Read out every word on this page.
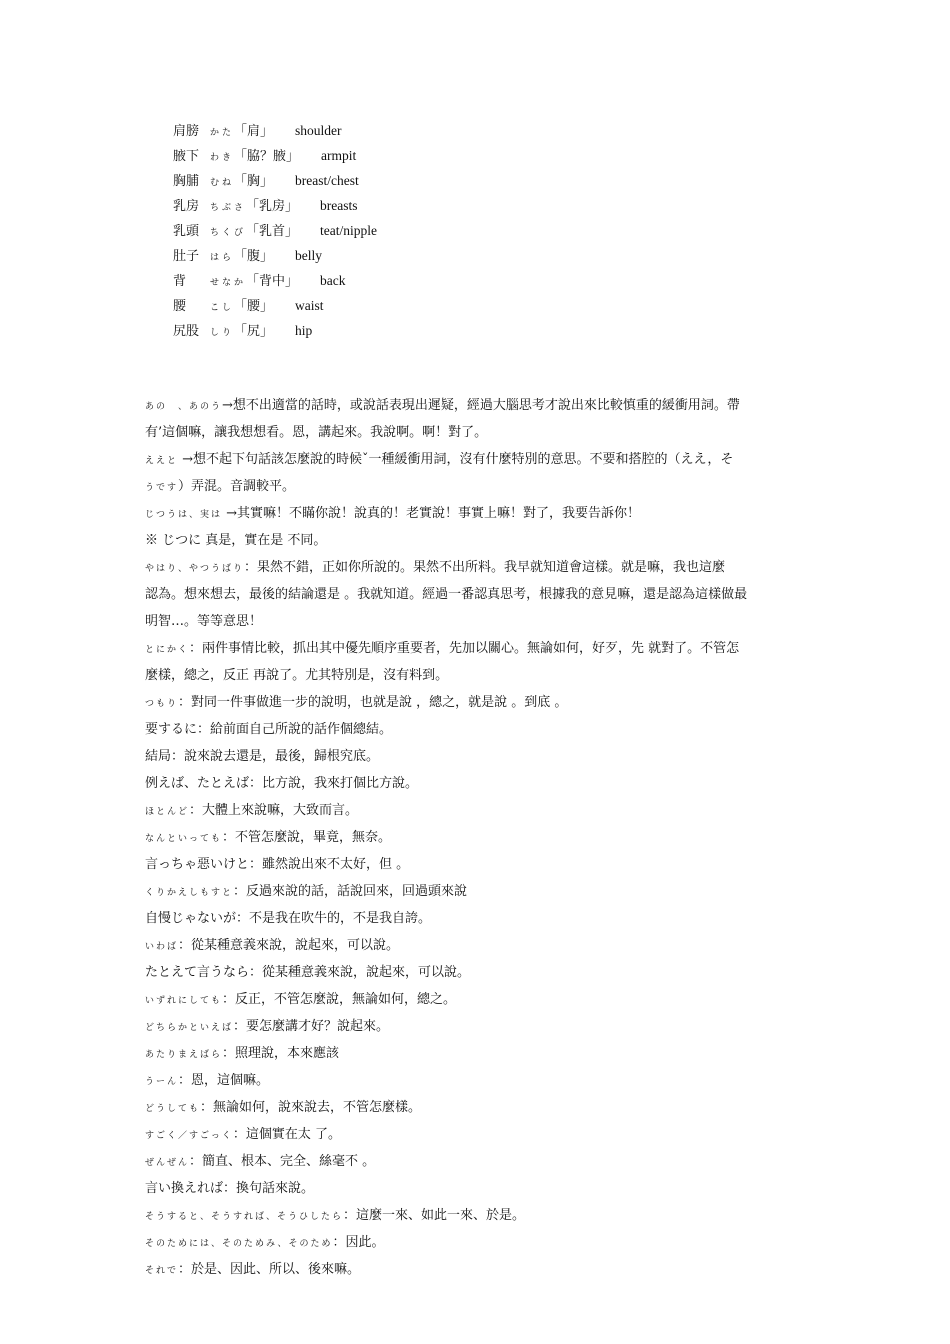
肩膀 かた「肩」 shoulder
腋下 わき「脇？腋」 armpit
胸脯 むね「胸」 breast/chest
乳房 ちぶさ「乳房」 breasts
乳頭 ちくび「乳首」 teat/nipple
肚子 はら「腹」 belly
背	せなか「背中」 back
腰	こし「腰」 waist
尻股 しり「尻」 hip
あの　、あのう→想不出適當的話時，或說話表現出遲疑，經過大腦思考才說出來比較慎重的緩衝用詞。帶
有’這個嘛，讓我想想看。恩，講起來。我說啊。啊！對了。
ええと →想不起下句話該怎麼說的時候ˇ一種緩衝用詞，沒有什麼特別的意思。不要和搭腔的（ええ，そ
うです）弄混。音調較平。
じつうは、実は →其實嘛！不瞞你說！說真的！老實說！事實上嘛！對了，我要告訴你！
※ じつに 真是，實在是 不同。
やはり、やつうばり：果然不錯，正如你所說的。果然不出所料。我早就知道會這樣。就是嘛，我也這麼
認為。想來想去，最後的結論還是 。我就知道。經過一番認真思考，根據我的意見嘛，還是認為這樣做最
明智…。等等意思！
とにかく：兩件事情比較，抓出其中優先順序重要者，先加以關心。無論如何，好歹，先 就對了。不管怎
麼樣，總之，反正 再說了。尤其特別是，沒有料到。
つもり：對同一件事做進一步的說明，也就是說 ，總之，就是說 。到底 。
要するに：給前面自己所說的話作個總結。
結局：說來說去還是，最後，歸根究底。
例えば、たとえば：比方說，我來打個比方說。
ほとんど：大體上來說嘛，大致而言。
なんといっても：不管怎麼說，畢竟，無奈。
言っちゃ惡いけと：雖然說出來不太好，但 。
くりかえしもすと：反過來說的話，話說回來，回過頭來說
自慢じゃないが：不是我在吹牛的，不是我自誇。
いわば：從某種意義來說，說起來，可以說。
たとえて言うなら：從某種意義來說，說起來，可以說。
いずれにしても：反正，不管怎麼說，無論如何，總之。
どちらかといえば：要怎麼講才好？說起來。
あたりまえばら：照理說，本來應該
うーん：恩，這個嘛。
どうしても：無論如何，說來說去，不管怎麼樣。
すごく／すごっく：這個實在太 了。
ぜんぜん：簡直、根本、完全、絲毫不 。
言い換えれば：換句話來說。
そうすると、そうすれば、そうひしたら：這麼一來、如此一來、於是。
そのためには、そのためみ、そのため：因此。
それで：於是、因此、所以、後來嘛。
